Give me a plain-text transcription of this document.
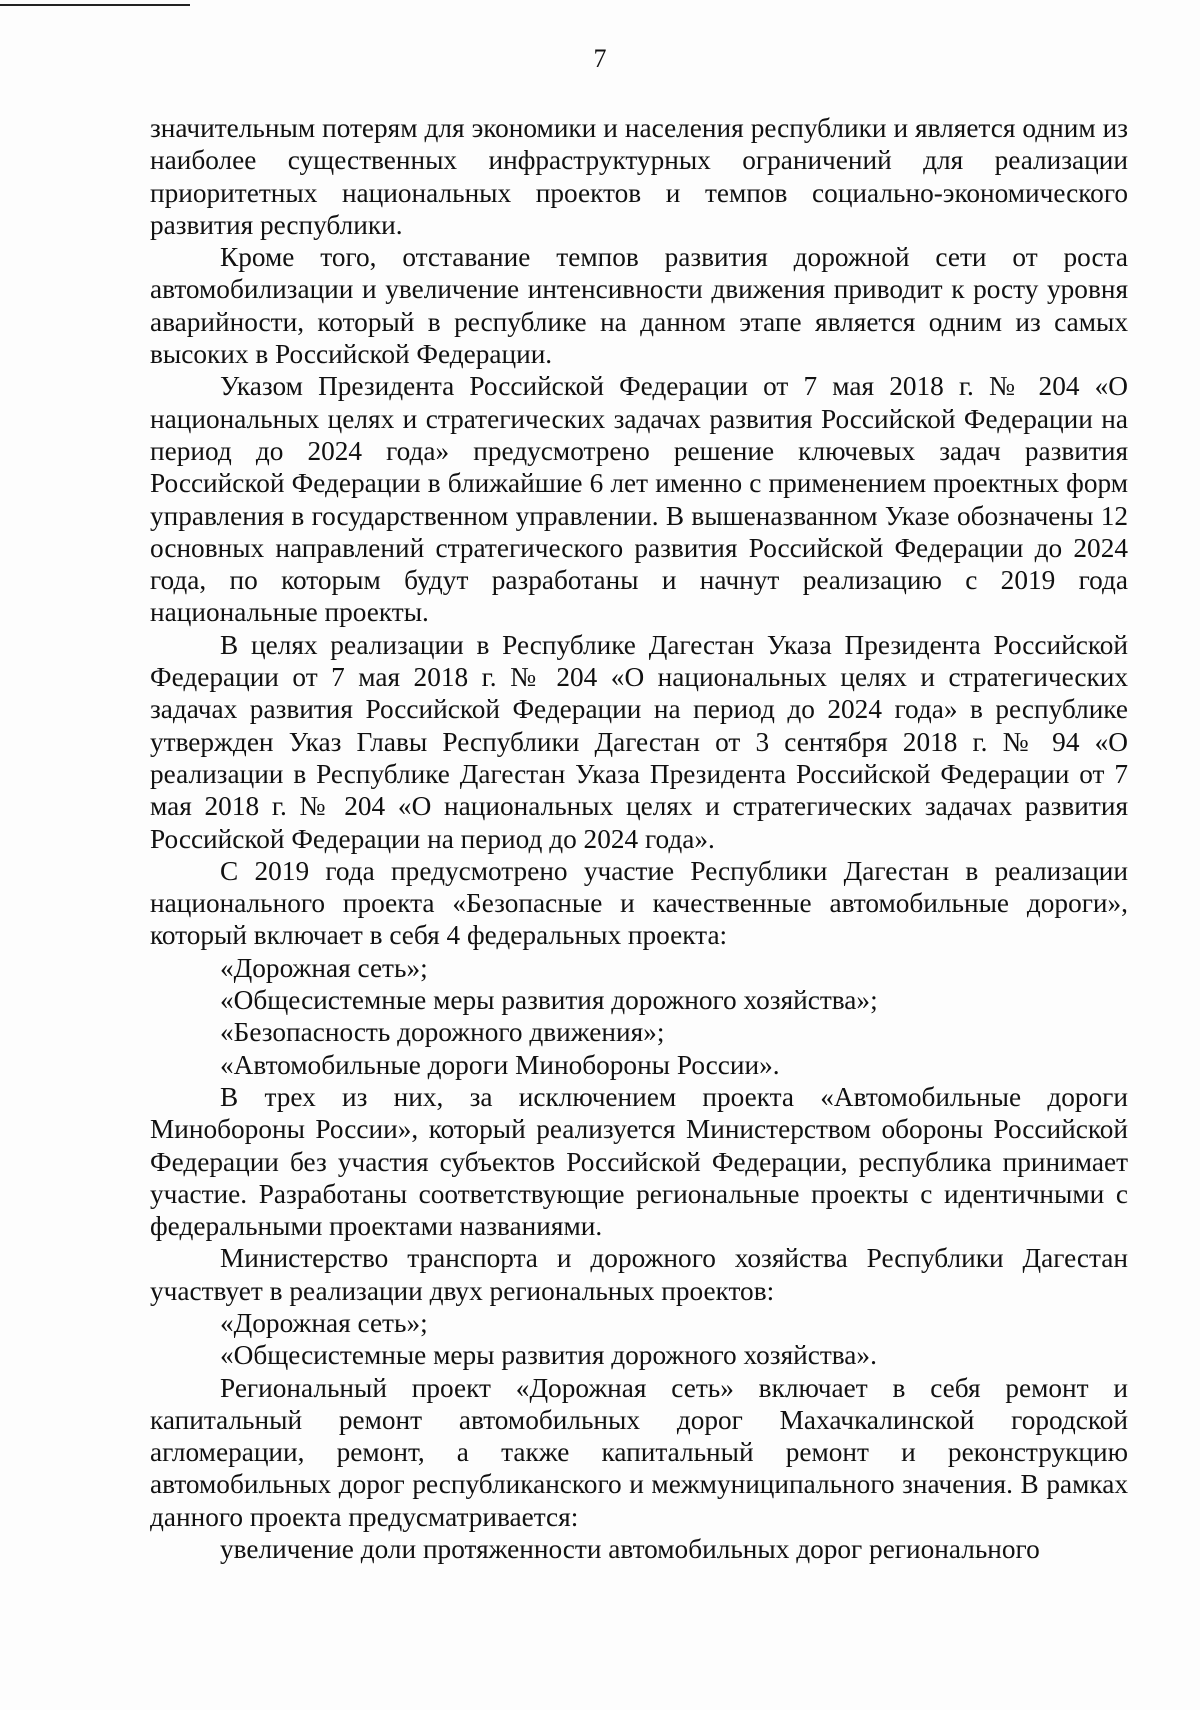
7

значительным потерям для экономики и населения республики и является одним из наиболее существенных инфраструктурных ограничений для реализации приоритетных национальных проектов и темпов социально-экономического развития республики.

Кроме того, отставание темпов развития дорожной сети от роста автомобилизации и увеличение интенсивности движения приводит к росту уровня аварийности, который в республике на данном этапе является одним из самых высоких в Российской Федерации.

Указом Президента Российской Федерации от 7 мая 2018 г. № 204 «О национальных целях и стратегических задачах развития Российской Федерации на период до 2024 года» предусмотрено решение ключевых задач развития Российской Федерации в ближайшие 6 лет именно с применением проектных форм управления в государственном управлении. В вышеназванном Указе обозначены 12 основных направлений стратегического развития Российской Федерации до 2024 года, по которым будут разработаны и начнут реализацию с 2019 года национальные проекты.

В целях реализации в Республике Дагестан Указа Президента Российской Федерации от 7 мая 2018 г. № 204 «О национальных целях и стратегических задачах развития Российской Федерации на период до 2024 года» в республике утвержден Указ Главы Республики Дагестан от 3 сентября 2018 г. № 94 «О реализации в Республике Дагестан Указа Президента Российской Федерации от 7 мая 2018 г. № 204 «О национальных целях и стратегических задачах развития Российской Федерации на период до 2024 года».

С 2019 года предусмотрено участие Республики Дагестан в реализации национального проекта «Безопасные и качественные автомобильные дороги», который включает в себя 4 федеральных проекта:

«Дорожная сеть»;

«Общесистемные меры развития дорожного хозяйства»;

«Безопасность дорожного движения»;

«Автомобильные дороги Минобороны России».

В трех из них, за исключением проекта «Автомобильные дороги Минобороны России», который реализуется Министерством обороны Российской Федерации без участия субъектов Российской Федерации, республика принимает участие. Разработаны соответствующие региональные проекты с идентичными с федеральными проектами названиями.

Министерство транспорта и дорожного хозяйства Республики Дагестан участвует в реализации двух региональных проектов:

«Дорожная сеть»;

«Общесистемные меры развития дорожного хозяйства».

Региональный проект «Дорожная сеть» включает в себя ремонт и капитальный ремонт автомобильных дорог Махачкалинской городской агломерации, ремонт, а также капитальный ремонт и реконструкцию автомобильных дорог республиканского и межмуниципального значения. В рамках данного проекта предусматривается:

увеличение доли протяженности автомобильных дорог регионального
